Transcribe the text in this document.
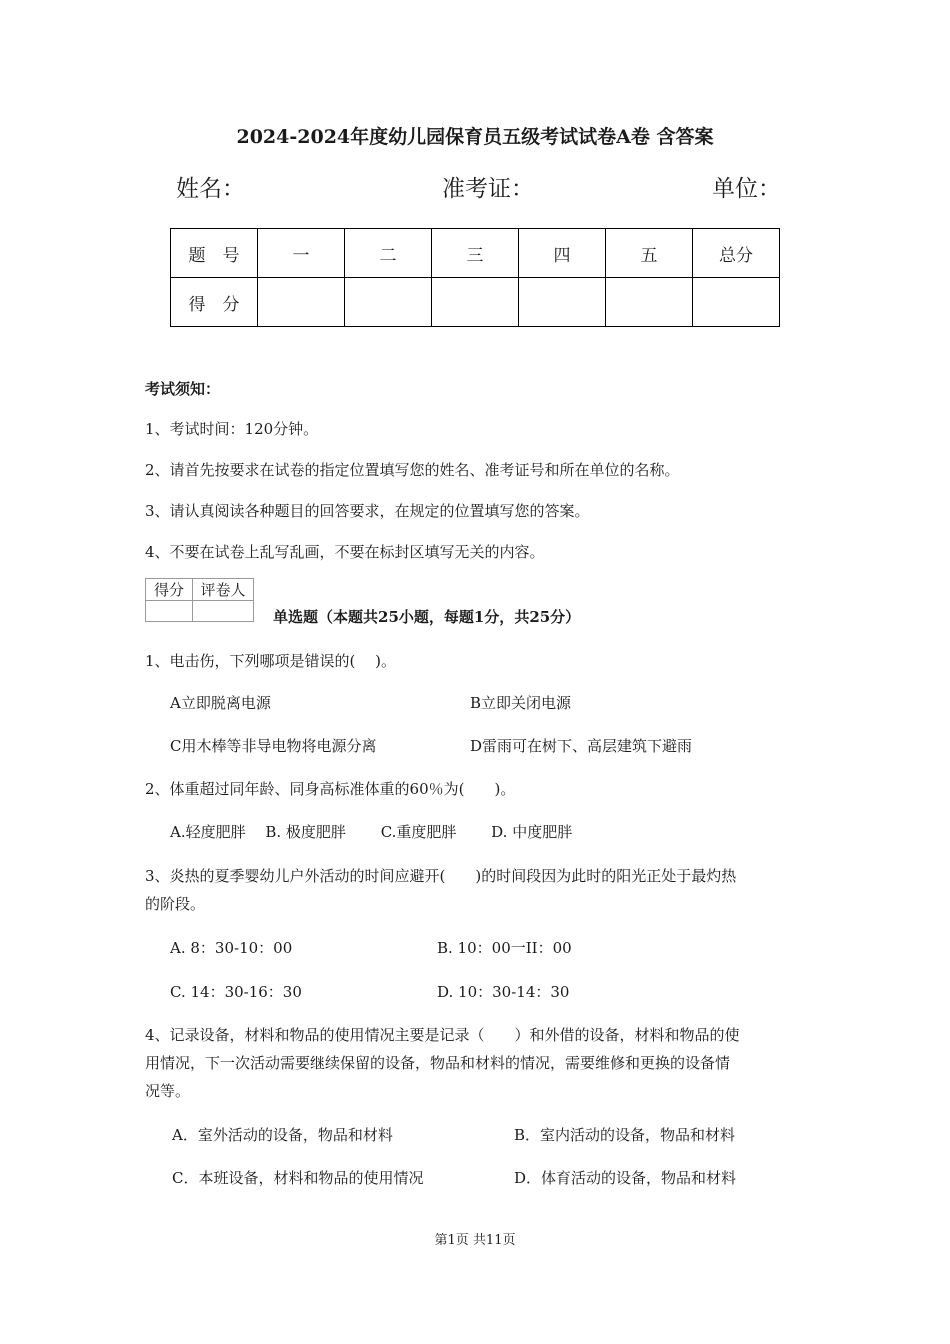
2024-2024年度幼儿园保育员五级考试试卷A卷 含答案
姓名：	准考证：	单位：
题　号	一	二	三	四	五	总分
得　分						
考试须知：
1、考试时间：120分钟。
2、请首先按要求在试卷的指定位置填写您的姓名、准考证号和所在单位的名称。
3、请认真阅读各种题目的回答要求，在规定的位置填写您的答案。
4、不要在试卷上乱写乱画，不要在标封区填写无关的内容。
得分	评卷人

单选题（本题共25小题，每题1分，共25分）
1、电击伤，下列哪项是错误的(　 )。
A立即脱离电源	B立即关闭电源
C用木棒等非导电物将电源分离	D雷雨可在树下、高层建筑下避雨
2、体重超过同年龄、同身高标准体重的60％为(　　)。
A.轻度肥胖　 B. 极度肥胖　　 C.重度肥胖　　 D. 中度肥胖
3、炎热的夏季婴幼儿户外活动的时间应避开(　　)的时间段因为此时的阳光正处于最灼热
的阶段。
A. 8：30-10：00	B. 10：00一II：00
C. 14：30-16：30	D. 10：30-14：30
4、记录设备，材料和物品的使用情况主要是记录（　　）和外借的设备，材料和物品的使
用情况，下一次活动需要继续保留的设备，物品和材料的情况，需要维修和更换的设备情
况等。
A．室外活动的设备，物品和材料	B．室内活动的设备，物品和材料
C．本班设备，材料和物品的使用情况	D．体育活动的设备，物品和材料
第1页 共11页
